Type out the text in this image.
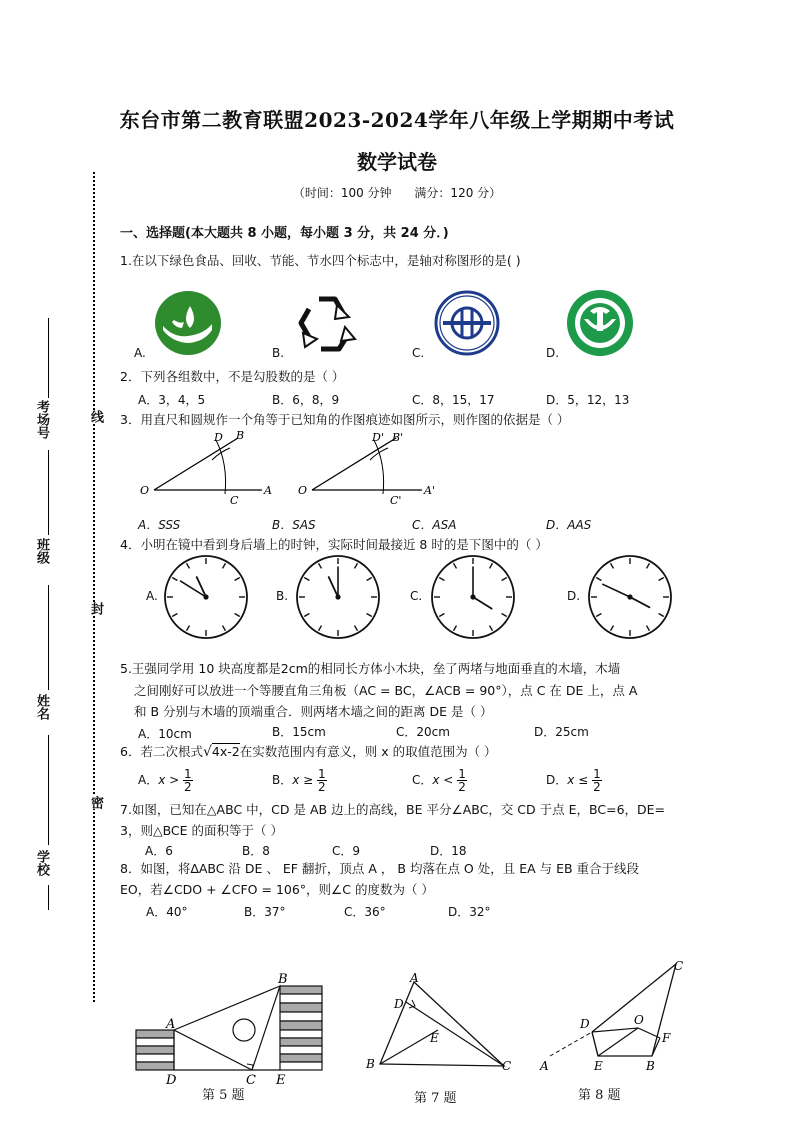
线
封
密
考场号
班级
姓名
学校
东台市第二教育联盟2023-2024学年八年级上学期期中考试
数学试卷
（时间：100 分钟      满分：120 分）
一、选择题(本大题共 8 小题，每小题 3 分，共 24 分．)
1.在以下绿色食品、回收、节能、节水四个标志中，是轴对称图形的是( )
A.	B.	C.	D.
2．下列各组数中，不是勾股数的是（ ）
A．3，4，5	B．6，8，9	C．8，15，17	D．5，12，13
3．用直尺和圆规作一个角等于已知角的作图痕迹如图所示，则作图的依据是（ ）
O
D B
C
A O
D' B'
C'
A'
A．SSS	B．SAS	C．ASA	D．AAS
4．小明在镜中看到身后墙上的时钟，实际时间最接近 8 时的是下图中的（ ）
A.	B.	C.	D.
5.王强同学用 10 块高度都是2cm的相同长方体小木块，垒了两堵与地面垂直的木墙，木墙
之间刚好可以放进一个等腰直角三角板（AC = BC，∠ACB = 90°），点 C 在 DE 上，点 A
和 B 分别与木墙的顶端重合．则两堵木墙之间的距离 DE 是（ ）
A．10cm	B．15cm	C．20cm	D．25cm
6．若二次根式√4x-2在实数范围内有意义，则 x 的取值范围为（ ）
A．$x > \frac{1}{2}$	B．$x \ge \frac{1}{2}$	C．$x < \frac{1}{2}$	D．$x \le \frac{1}{2}$
7.如图，已知在△ABC 中，CD 是 AB 边上的高线，BE 平分∠ABC，交 CD 于点 E，BC=6，DE=
3，则△BCE 的面积等于（ ）
A．6	B．8	C．9	D．18
8．如图，将∆ABC 沿 DE 、 EF 翻折，顶点 A ， B 均落在点 O 处，且 EA 与 EB 重合于线段
EO，若∠CDO + ∠CFO = 106°，则∠C 的度数为（ ）
A．40°	B．37°	C．36°	D．32°
A
B
C
D	E
第 5 题
A
B	C
D
E
第 7 题
A	B
C
D
E
F
O
第 8 题
